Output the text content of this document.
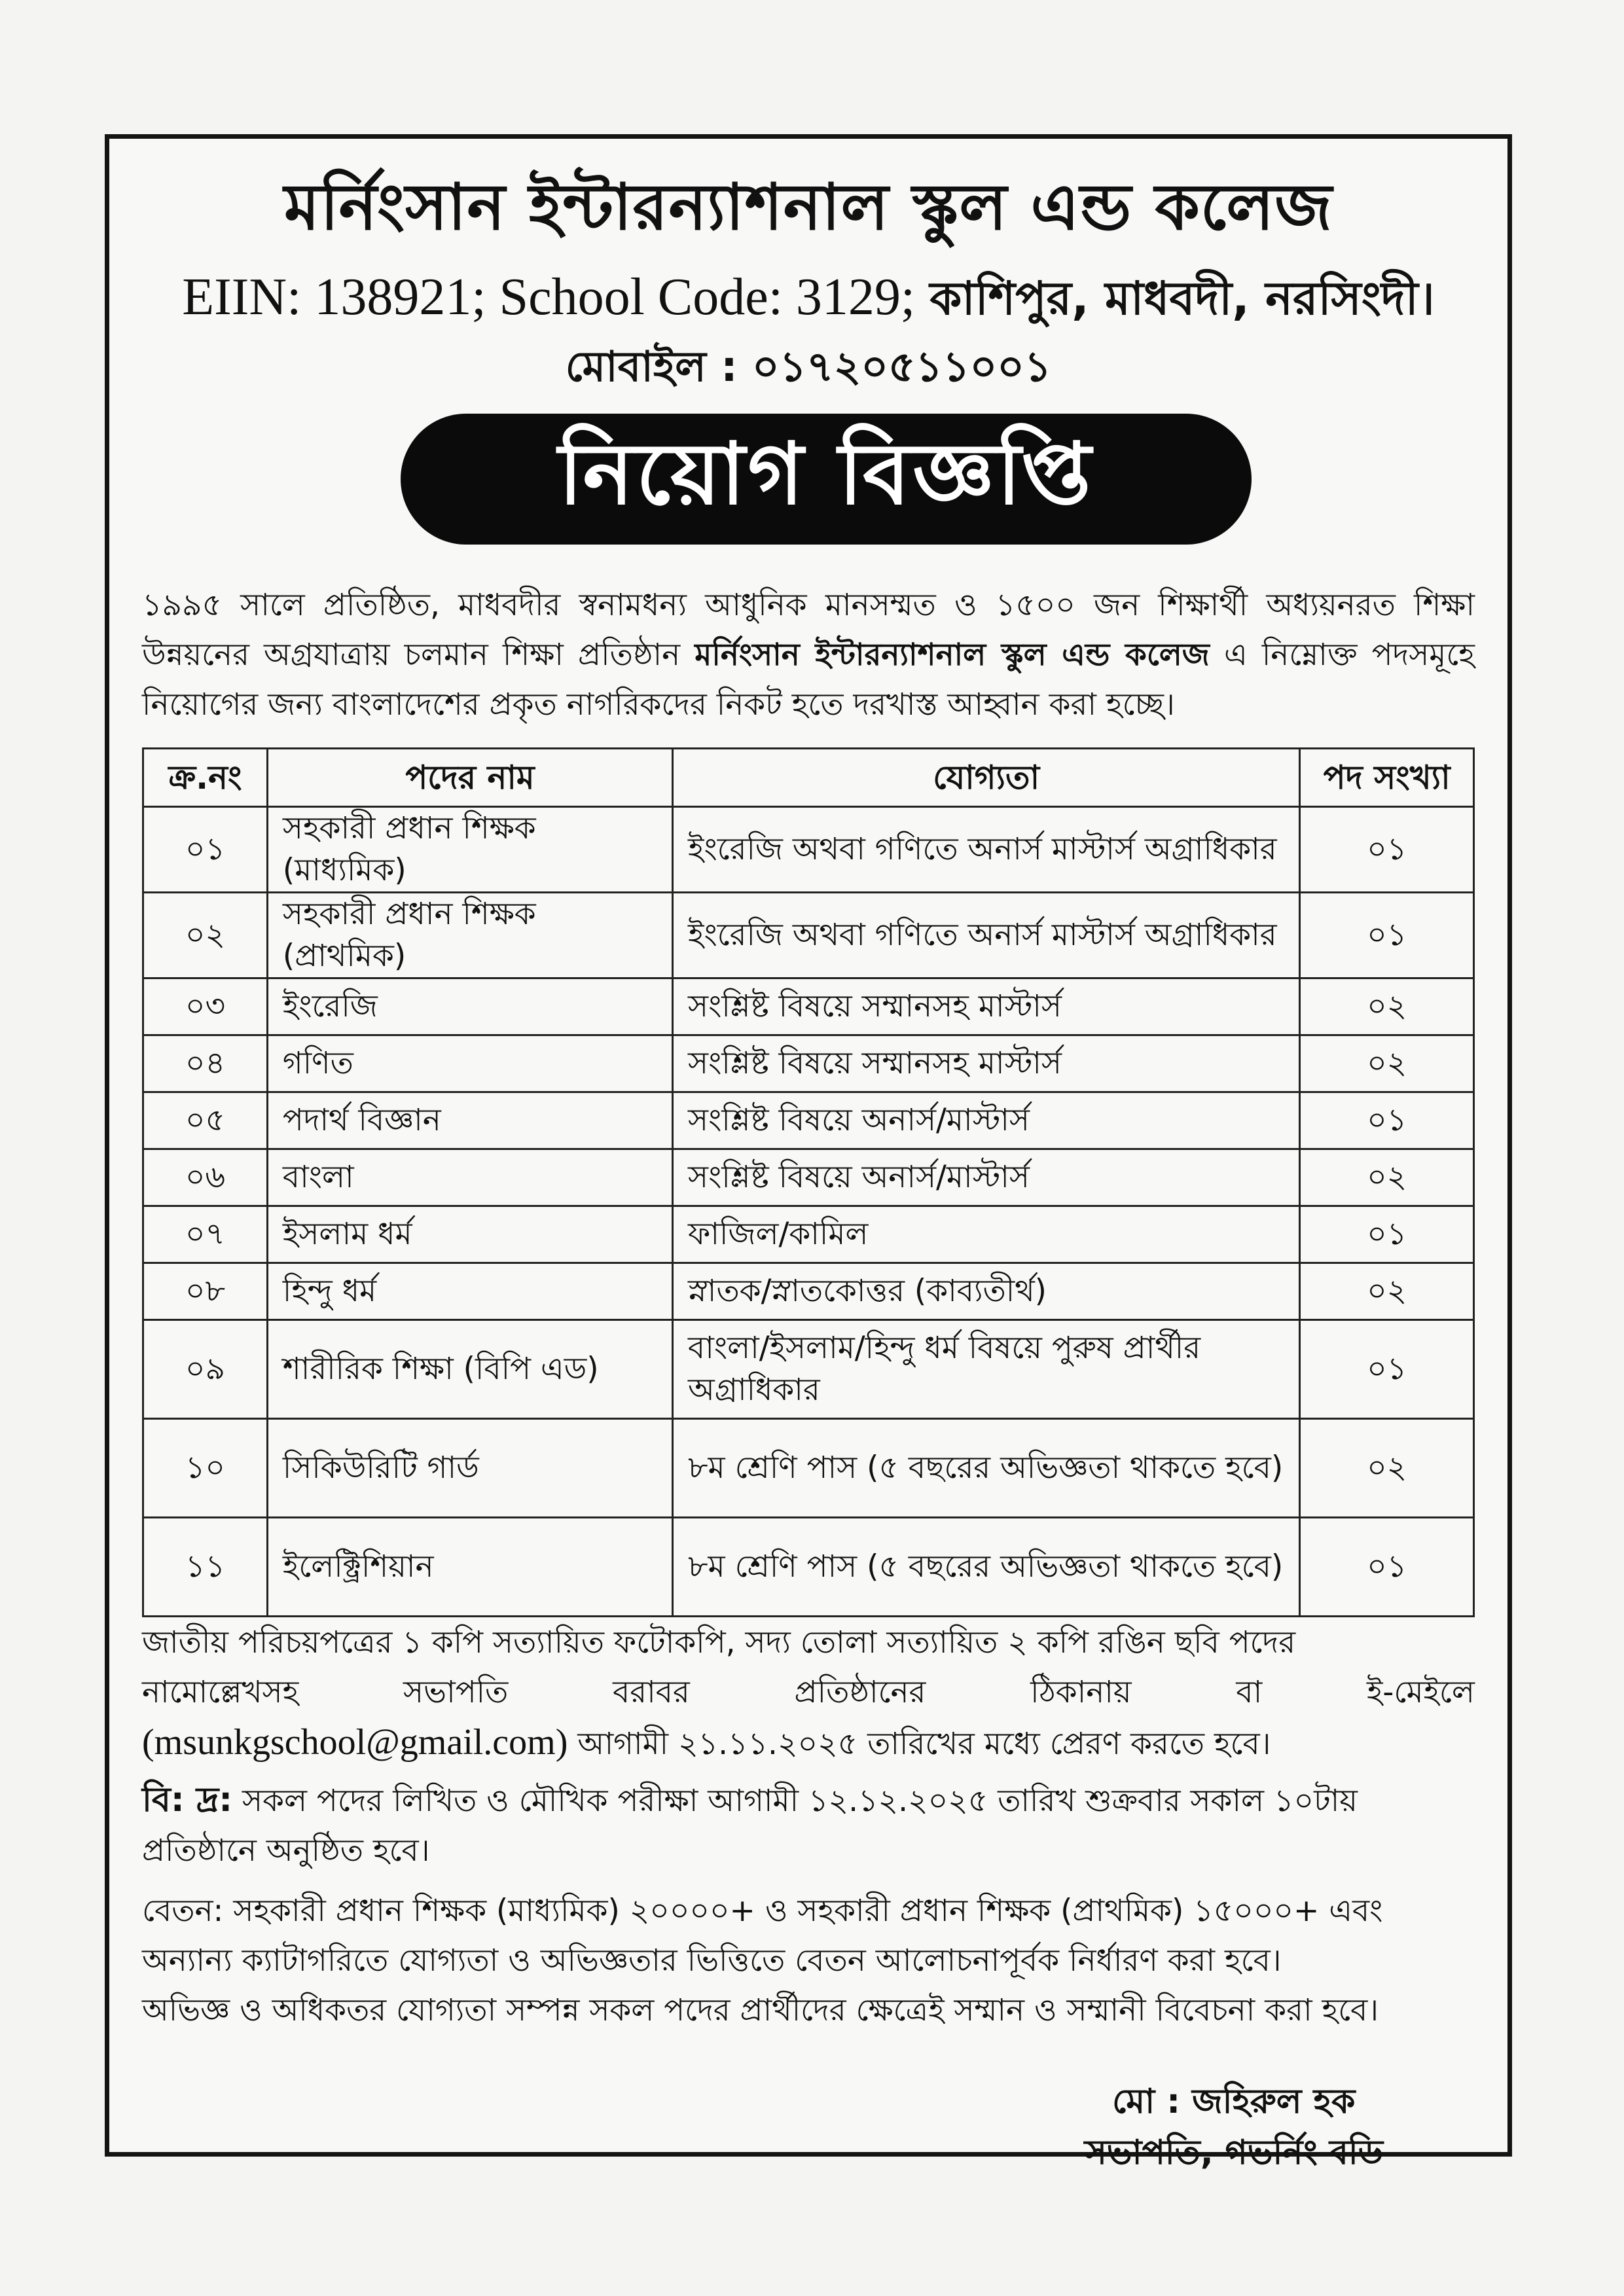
মর্নিংসান ইন্টারন্যাশনাল স্কুল এন্ড কলেজ
EIIN: 138921; School Code: 3129; কাশিপুর, মাধবদী, নরসিংদী।
মোবাইল : ০১৭২০৫১১০০১
নিয়োগ বিজ্ঞপ্তি
১৯৯৫ সালে প্রতিষ্ঠিত, মাধবদীর স্বনামধন্য আধুনিক মানসম্মত ও ১৫০০ জন শিক্ষার্থী অধ্যয়নরত শিক্ষা উন্নয়নের অগ্রযাত্রায় চলমান শিক্ষা প্রতিষ্ঠান মর্নিংসান ইন্টারন্যাশনাল স্কুল এন্ড কলেজ এ নিম্নোক্ত পদসমূহে নিয়োগের জন্য বাংলাদেশের প্রকৃত নাগরিকদের নিকট হতে দরখাস্ত আহ্বান করা হচ্ছে।
ক্র.নং	পদের নাম	যোগ্যতা	পদ সংখ্যা
০১	সহকারী প্রধান শিক্ষক (মাধ্যমিক)	ইংরেজি অথবা গণিতে অনার্স মাস্টার্স অগ্রাধিকার	০১
০২	সহকারী প্রধান শিক্ষক (প্রাথমিক)	ইংরেজি অথবা গণিতে অনার্স মাস্টার্স অগ্রাধিকার	০১
০৩	ইংরেজি	সংশ্লিষ্ট বিষয়ে সম্মানসহ মাস্টার্স	০২
০৪	গণিত	সংশ্লিষ্ট বিষয়ে সম্মানসহ মাস্টার্স	০২
০৫	পদার্থ বিজ্ঞান	সংশ্লিষ্ট বিষয়ে অনার্স/মাস্টার্স	০১
০৬	বাংলা	সংশ্লিষ্ট বিষয়ে অনার্স/মাস্টার্স	০২
০৭	ইসলাম ধর্ম	ফাজিল/কামিল	০১
০৮	হিন্দু ধর্ম	স্নাতক/স্নাতকোত্তর (কাব্যতীর্থ)	০২
০৯	শারীরিক শিক্ষা (বিপি এড)	বাংলা/ইসলাম/হিন্দু ধর্ম বিষয়ে পুরুষ প্রার্থীর অগ্রাধিকার	০১
১০	সিকিউরিটি গার্ড	৮ম শ্রেণি পাস (৫ বছরের অভিজ্ঞতা থাকতে হবে)	০২
১১	ইলেক্ট্রিশিয়ান	৮ম শ্রেণি পাস (৫ বছরের অভিজ্ঞতা থাকতে হবে)	০১
জাতীয় পরিচয়পত্রের ১ কপি সত্যায়িত ফটোকপি, সদ্য তোলা সত্যায়িত ২ কপি রঙিন ছবি পদের
নামোল্লেখসহ	সভাপতি	বরাবর	প্রতিষ্ঠানের	ঠিকানায়	বা	ই-মেইলে
(msunkgschool@gmail.com) আগামী ২১.১১.২০২৫ তারিখের মধ্যে প্রেরণ করতে হবে।
বি: দ্র: সকল পদের লিখিত ও মৌখিক পরীক্ষা আগামী ১২.১২.২০২৫ তারিখ শুক্রবার সকাল ১০টায় প্রতিষ্ঠানে অনুষ্ঠিত হবে।
বেতন: সহকারী প্রধান শিক্ষক (মাধ্যমিক) ২০০০০+ ও সহকারী প্রধান শিক্ষক (প্রাথমিক) ১৫০০০+ এবং অন্যান্য ক্যাটাগরিতে যোগ্যতা ও অভিজ্ঞতার ভিত্তিতে বেতন আলোচনাপূর্বক নির্ধারণ করা হবে।
অভিজ্ঞ ও অধিকতর যোগ্যতা সম্পন্ন সকল পদের প্রার্থীদের ক্ষেত্রেই সম্মান ও সম্মানী বিবেচনা করা হবে।
মো : জহিরুল হক
সভাপতি, গভর্নিং বডি
